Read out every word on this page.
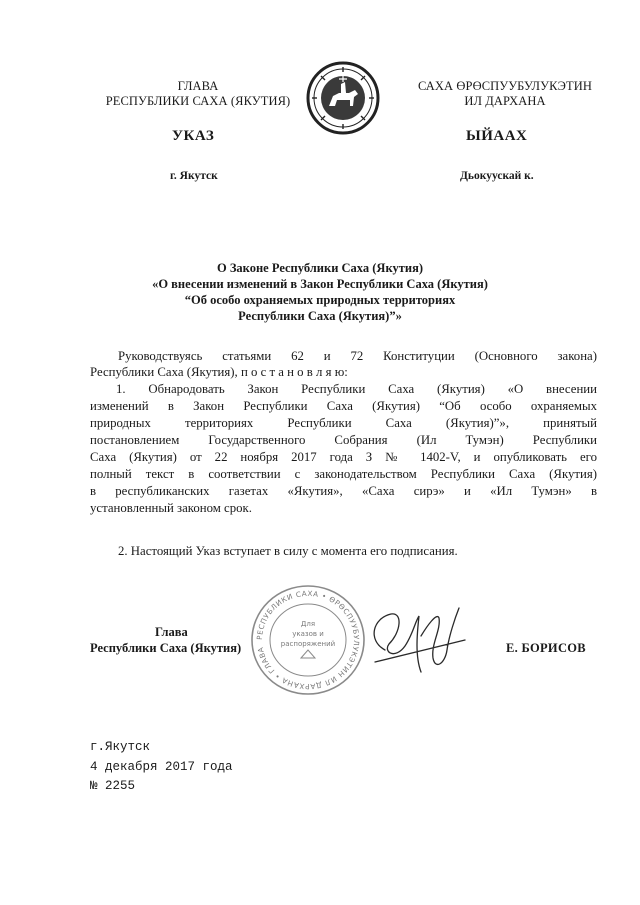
ГЛАВА
РЕСПУБЛИКИ САХА (ЯКУТИЯ)
САХА ӨРӨСПУУБУЛУКЭТИН
ИЛ ДАРХАНА
УКАЗ	ЫЙААХ
г. Якутск	Дьокуускай к.
О Законе Республики Саха (Якутия)
«О внесении изменений в Закон Республики Саха (Якутия)
“Об особо охраняемых природных территориях
Республики Саха (Якутия)”»
Руководствуясь статьями 62 и 72 Конституции (Основного закона)
Республики Саха (Якутия), п о с т а н о в л я ю:
1. Обнародовать Закон Республики Саха (Якутия) «О внесении
изменений в Закон Республики Саха (Якутия) “Об особо охраняемых
природных территориях Республики Саха (Якутия)”», принятый
постановлением Государственного Собрания (Ил Тумэн) Республики
Саха (Якутия) от 22 ноября 2017 года З № 1402-V, и опубликовать его
полный текст в соответствии с законодательством Республики Саха (Якутия)
в республиканских газетах «Якутия», «Саха сирэ» и «Ил Тумэн» в
установленный законом срок.
2. Настоящий Указ вступает в силу с момента его подписания.
РЕСПУБЛИКИ САХА • ӨРӨСПУУБУЛУКЭТИН ИЛ ДАРХАНА • ГЛАВА
Для
указов и
распоряжений
Глава
Республики Саха (Якутия)	Е. БОРИСОВ
г.Якутск
4 декабря 2017 года
№ 2255
